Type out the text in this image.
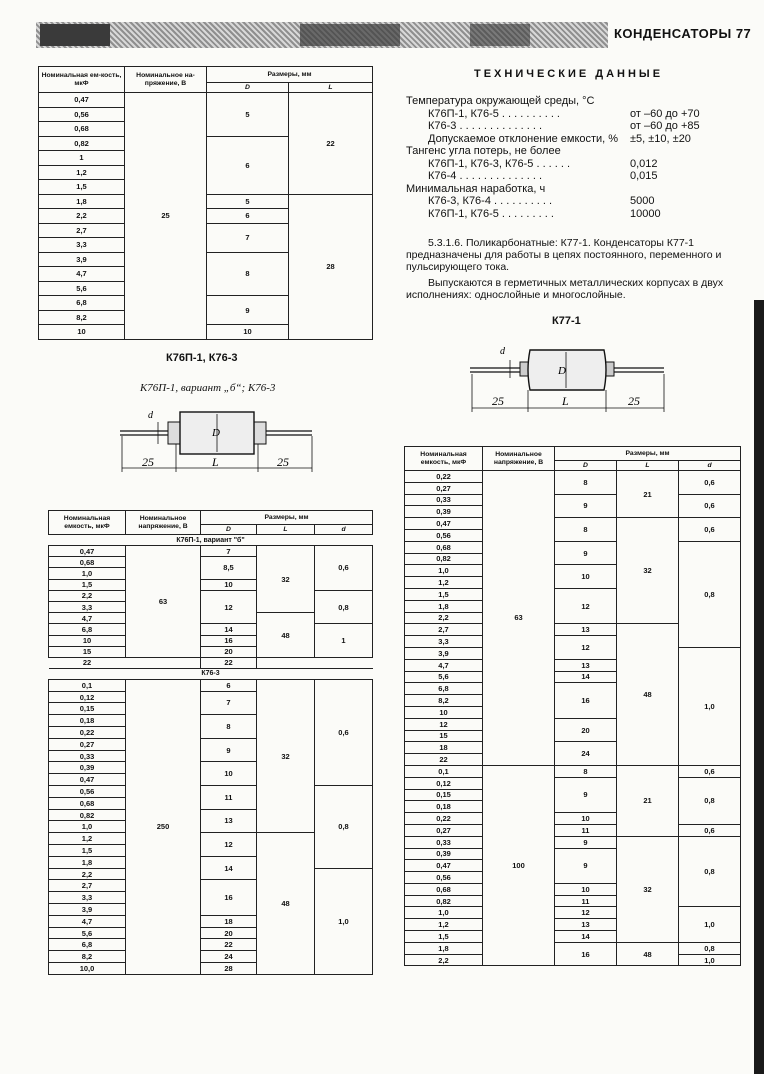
КОНДЕНСАТОРЫ 77
Номинальная ем-кость, мкФ	Номинальное на-пряжение, В	Размеры, мм	
		D	L
0,47	25	5	22
0,56			
0,68			
0,82		6	
1			
1,2			
1,5			
1,8		5	28
2,2		6	
2,7		7	
3,3			
3,9		8	
4,7			
5,6			
6,8		9	
8,2			
10		10	
К76П-1, К76-3
К76П-1, вариант „б“; К76-3
D
d
25	L	25
Номинальная емкость, мкФ	Номинальное напряжение, В	Размеры, мм		
		D	L	d
К76П-1, вариант "б"				
0,47	63	7	32	0,6
0,68		8,5		
1,0				
1,5		10		
2,2		12		0,8
3,3				
4,7			48	
6,8		14		1
10		16		
15		20		
22		22		
К76-3				
0,1	250	6	32	0,6
0,12		7		
0,15				
0,18		8		
0,22				
0,27		9		
0,33				
0,39		10		
0,47				
0,56		11		0,8
0,68				
0,82		13		
1,0				
1,2		12	48	
1,5				
1,8		14		
2,2				1,0
2,7		16		
3,3				
3,9				
4,7		18		
5,6		20		
6,8		22		
8,2		24		
10,0		28		
ТЕХНИЧЕСКИЕ ДАННЫЕ
Температура окружающей среды, °С
К76П-1, К76-5 . . . . . . . . . .	от –60 до +70
К76-3 . . . . . . . . . . . . . .	от –60 до +85
Допускаемое отклонение емкости, % ±5, ±10, ±20
Тангенс угла потерь, не более
К76П-1, К76-3, К76-5 . . . . . .	0,012
К76-4 . . . . . . . . . . . . . .	0,015
Минимальная наработка, ч
К76-3, К76-4 . . . . . . . . . .	5000
К76П-1, К76-5 . . . . . . . . .	10000
5.3.1.6. Поликарбонатные: К77-1. Конденсаторы К77-1 предназначены для работы в цепях постоянного, переменного и пульсирующего тока.
Выпускаются в герметичных металлических корпусах в двух исполнениях: однослойные и многослойные.
К77-1
D
d
25	L	25
Номинальная емкость, мкФ	Номинальное напряжение, В	Размеры, мм		
		D	L	d
0,22	63	8	21	0,6
0,27				
0,33		9		0,6
0,39				
0,47		8	32	0,6
0,56				
0,68		9		0,8
0,82				
1,0		10		
1,2				
1,5		12		
1,8				
2,2				
2,7		13	48	
3,3		12		
3,9				1,0
4,7		13		
5,6		14		
6,8		16		
8,2				
10				
12		20		
15				
18		24		
22				
0,1	100	8	21	0,6
0,12		9		0,8
0,15				
0,18				
0,22		10		
0,27		11		0,6
0,33		9	32	0,8
0,39		9		
0,47				
0,56				
0,68		10		
0,82		11		
1,0		12		1,0
1,2		13		
1,5		14		
1,8		16	48	0,8
2,2				1,0
